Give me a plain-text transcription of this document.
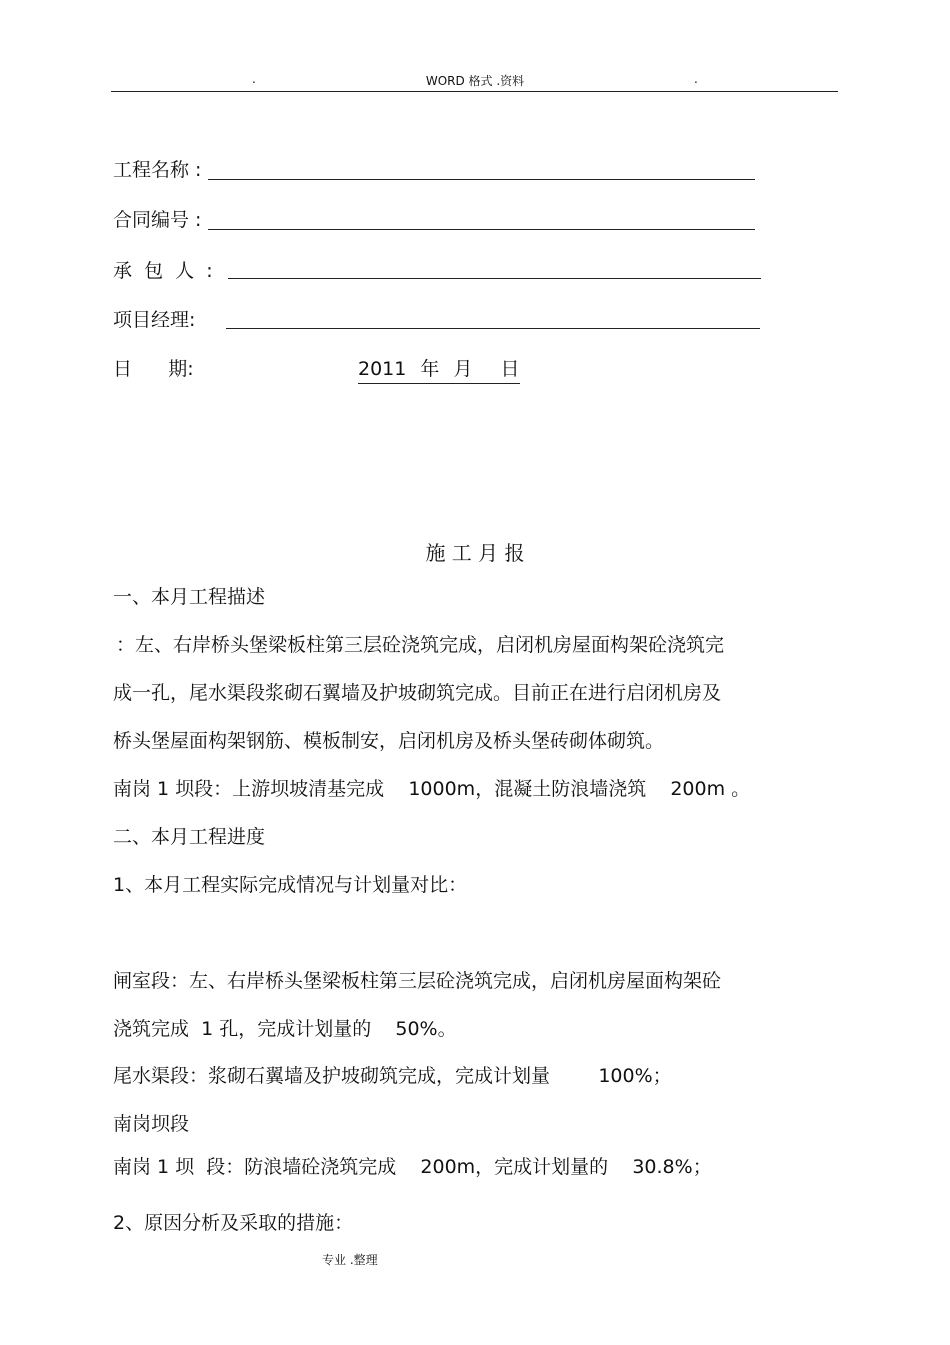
.	WORD 格式 .资料	.
工程名称 :
合同编号 :
承  包  人  :
项目经理:
日      期:	2011 年 月 日
施 工 月 报
一、本月工程描述
：左、右岸桥头堡梁板柱第三层砼浇筑完成，启闭机房屋面构架砼浇筑完
成一孔，尾水渠段浆砌石翼墙及护坡砌筑完成。目前正在进行启闭机房及
桥头堡屋面构架钢筋、模板制安，启闭机房及桥头堡砖砌体砌筑。
南岗 1 坝段：上游坝坡清基完成    1000m，混凝土防浪墙浇筑    200m 。
二、本月工程进度
1、本月工程实际完成情况与计划量对比：
闸室段：左、右岸桥头堡梁板柱第三层砼浇筑完成，启闭机房屋面构架砼
浇筑完成  1 孔，完成计划量的    50%。
尾水渠段：浆砌石翼墙及护坡砌筑完成，完成计划量        100%；
南岗坝段
南岗 1 坝  段：防浪墙砼浇筑完成    200m，完成计划量的    30.8%；
2、原因分析及采取的措施：
专业 .整理
